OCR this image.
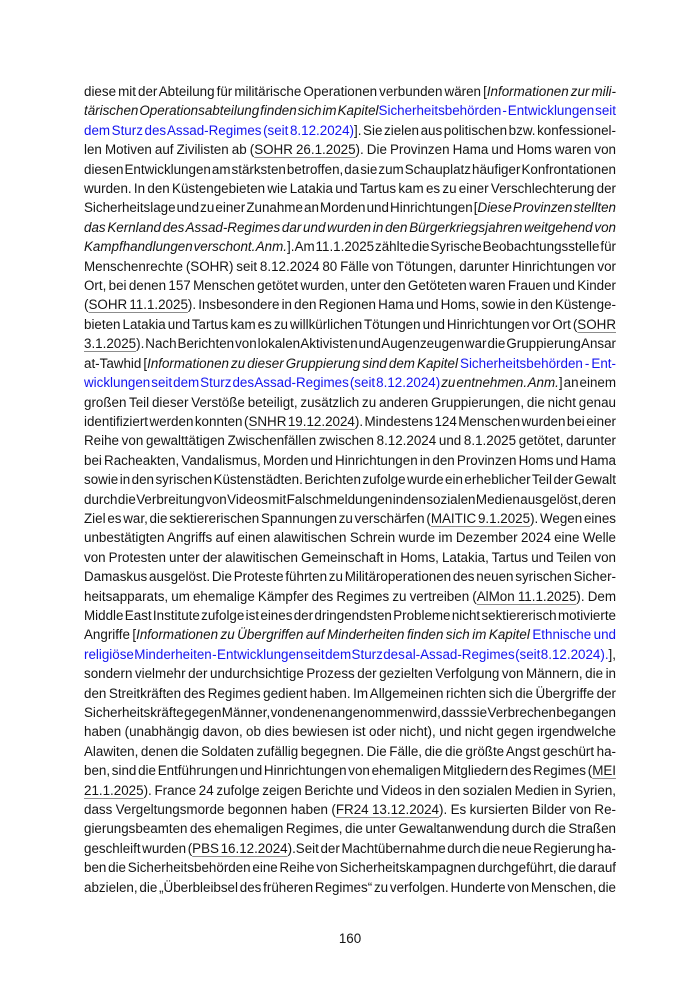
diese mit der Abteilung für militärische Operationen verbunden wären [Informationen zur mili-
tärischen Operationsabteilung finden sich im KapitelSicherheitsbehörden - Entwicklungen seit
dem Sturz des Assad-Regimes (seit 8.12.2024)]. Sie zielen aus politischen bzw. konfessionel-
len Motiven auf Zivilisten ab (SOHR 26.1.2025). Die Provinzen Hama und Homs waren von
diesen Entwicklungen am stärksten betroffen, da sie zum Schauplatz häufiger Konfrontationen
wurden. In den Küstengebieten wie Latakia und Tartus kam es zu einer Verschlechterung der
Sicherheitslage und zu einer Zunahme an Morden und Hinrichtungen [Diese Provinzen stellten
das Kernland des Assad-Regimes dar und wurden in den Bürgerkriegsjahren weitgehend von
Kampfhandlungen verschont. Anm.]. Am 11.1.2025 zählte die Syrische Beobachtungsstelle für
Menschenrechte (SOHR) seit 8.12.2024 80 Fälle von Tötungen, darunter Hinrichtungen vor
Ort, bei denen 157 Menschen getötet wurden, unter den Getöteten waren Frauen und Kinder
(SOHR 11.1.2025). Insbesondere in den Regionen Hama und Homs, sowie in den Küstenge-
bieten Latakia und Tartus kam es zu willkürlichen Tötungen und Hinrichtungen vor Ort (SOHR
3.1.2025). Nach Berichten von lokalen Aktivisten und Augenzeugen war die Gruppierung Ansar
at-Tawhid [Informationen zu dieser Gruppierung sind dem Kapitel Sicherheitsbehörden - Ent-
wicklungen seit dem Sturz des Assad-Regimes (seit 8.12.2024) zu entnehmen. Anm.] an einem
großen Teil dieser Verstöße beteiligt, zusätzlich zu anderen Gruppierungen, die nicht genau
identifiziert werden konnten (SNHR 19.12.2024). Mindestens 124 Menschen wurden bei einer
Reihe von gewalttätigen Zwischenfällen zwischen 8.12.2024 und 8.1.2025 getötet, darunter
bei Racheakten, Vandalismus, Morden und Hinrichtungen in den Provinzen Homs und Hama
sowie in den syrischen Küstenstädten. Berichten zufolge wurde ein erheblicher Teil der Gewalt
durch die Verbreitung von Videos mit Falschmeldungen in den sozialen Medien ausgelöst, deren
Ziel es war, die sektiererischen Spannungen zu verschärfen (MAITIC 9.1.2025). Wegen eines
unbestätigten Angriffs auf einen alawitischen Schrein wurde im Dezember 2024 eine Welle
von Protesten unter der alawitischen Gemeinschaft in Homs, Latakia, Tartus und Teilen von
Damaskus ausgelöst. Die Proteste führten zu Militäroperationen des neuen syrischen Sicher-
heitsapparats, um ehemalige Kämpfer des Regimes zu vertreiben (AlMon 11.1.2025). Dem
Middle East Institute zufolge ist eines der dringendsten Probleme nicht sektiererisch motivierte
Angriffe [Informationen zu Übergriffen auf Minderheiten finden sich im Kapitel Ethnische und
religiöse Minderheiten - Entwicklungen seit dem Sturz des al-Assad-Regimes (seit 8.12.2024).],
sondern vielmehr der undurchsichtige Prozess der gezielten Verfolgung von Männern, die in
den Streitkräften des Regimes gedient haben. Im Allgemeinen richten sich die Übergriffe der
Sicherheitskräfte gegen Männer, von denen angenommen wird, dass sie Verbrechen begangen
haben (unabhängig davon, ob dies bewiesen ist oder nicht), und nicht gegen irgendwelche
Alawiten, denen die Soldaten zufällig begegnen. Die Fälle, die die größte Angst geschürt ha-
ben, sind die Entführungen und Hinrichtungen von ehemaligen Mitgliedern des Regimes (MEI
21.1.2025). France 24 zufolge zeigen Berichte und Videos in den sozialen Medien in Syrien,
dass Vergeltungsmorde begonnen haben (FR24 13.12.2024). Es kursierten Bilder von Re-
gierungsbeamten des ehemaligen Regimes, die unter Gewaltanwendung durch die Straßen
geschleift wurden (PBS 16.12.2024).Seit der Machtübernahme durch die neue Regierung ha-
ben die Sicherheitsbehörden eine Reihe von Sicherheitskampagnen durchgeführt, die darauf
abzielen, die „Überbleibsel des früheren Regimes“ zu verfolgen. Hunderte von Menschen, die
160
